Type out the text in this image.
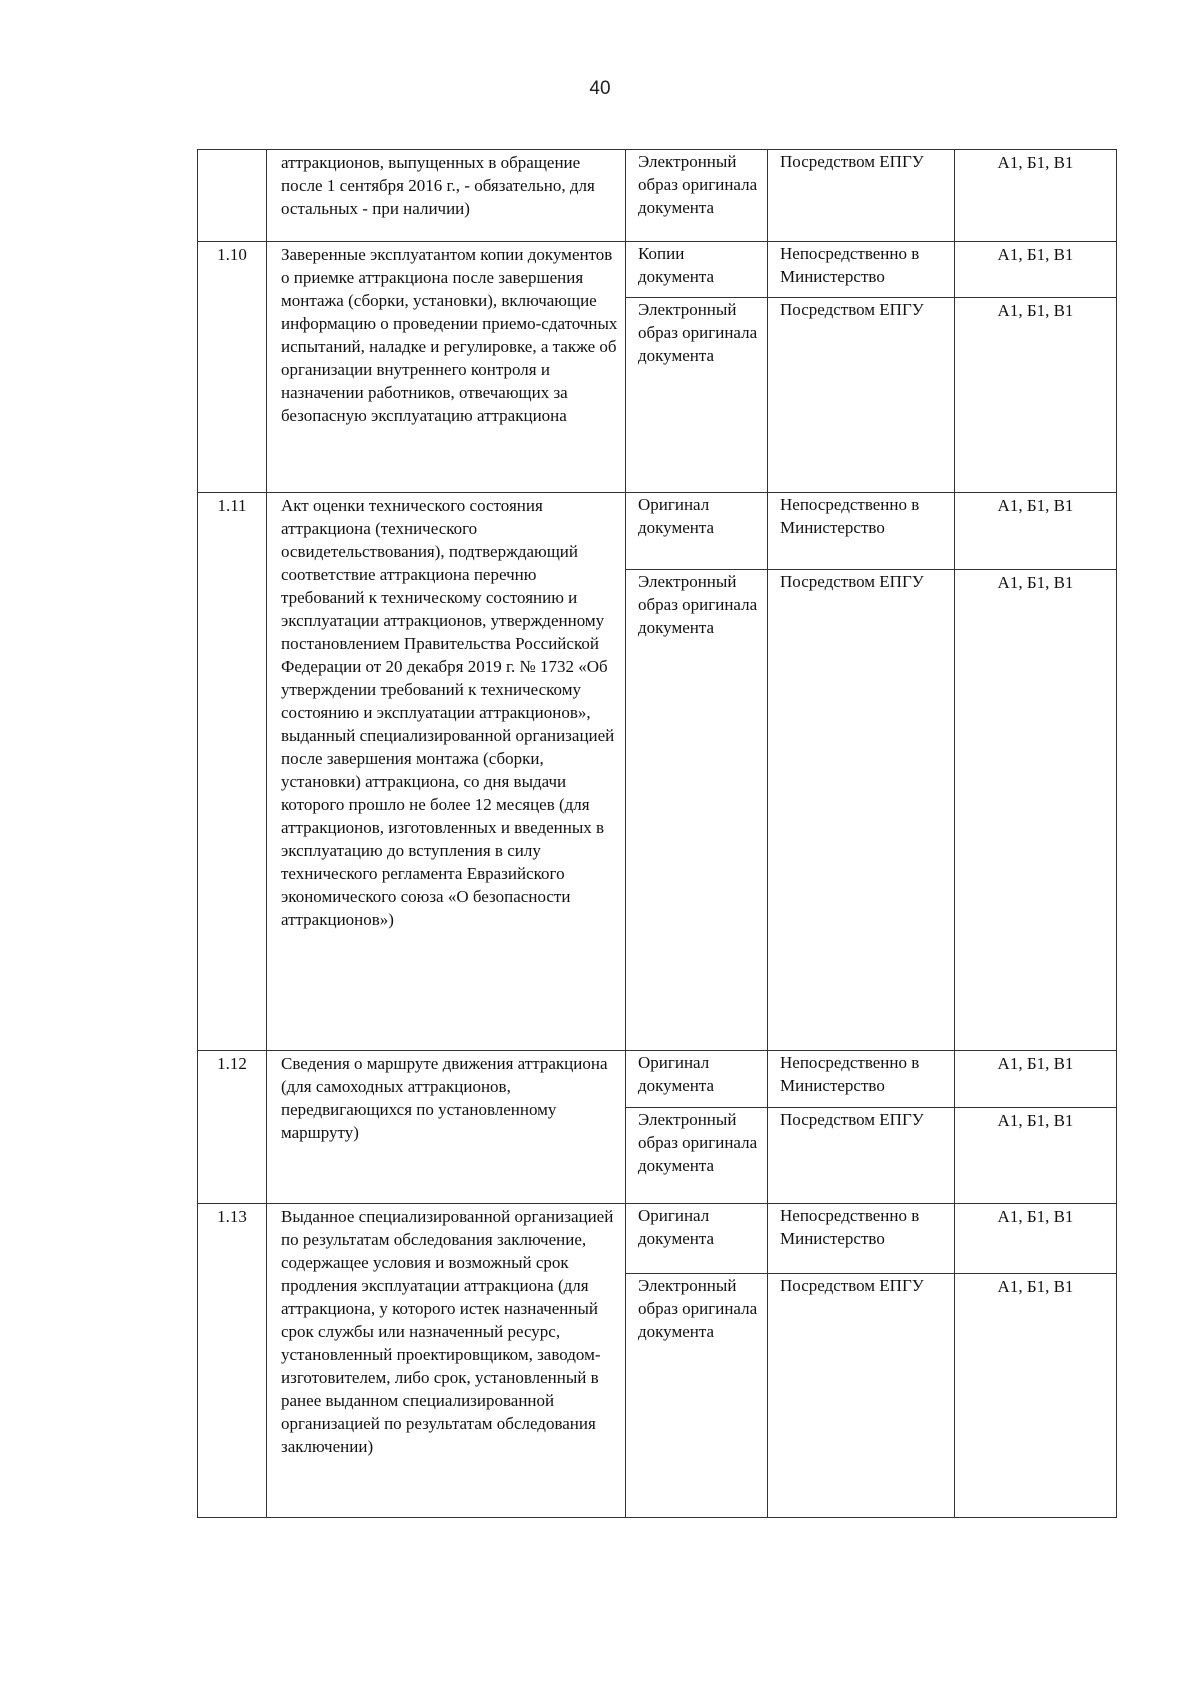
40
	аттракционов, выпущенных в обращение после 1 сентября 2016 г., - обязательно, для остальных - при наличии)	Электронный образ оригинала документа	Посредством ЕПГУ	А1, Б1, В1
1.10	Заверенные эксплуатантом копии документов о приемке аттракциона после завершения монтажа (сборки, установки), включающие информацию о проведении приемо-сдаточных испытаний, наладке и регулировке, а также об организации внутреннего контроля и назначении работников, отвечающих за безопасную эксплуатацию аттракциона	Копии документа	Непосредственно в Министерство	А1, Б1, В1
		Электронный образ оригинала документа	Посредством ЕПГУ	А1, Б1, В1
1.11	Акт оценки технического состояния аттракциона (технического освидетельствования), подтверждающий соответствие аттракциона перечню требований к техническому состоянию и эксплуатации аттракционов, утвержденному постановлением Правительства Российской Федерации от 20 декабря 2019 г. № 1732 «Об утверждении требований к техническому состоянию и эксплуатации аттракционов», выданный специализированной организацией после завершения монтажа (сборки, установки) аттракциона, со дня выдачи которого прошло не более 12 месяцев (для аттракционов, изготовленных и введенных в эксплуатацию до вступления в силу технического регламента Евразийского экономического союза «О безопасности аттракционов»)	Оригинал документа	Непосредственно в Министерство	А1, Б1, В1
		Электронный образ оригинала документа	Посредством ЕПГУ	А1, Б1, В1
1.12	Сведения о маршруте движения аттракциона (для самоходных аттракционов, передвигающихся по установленному маршруту)	Оригинал документа	Непосредственно в Министерство	А1, Б1, В1
		Электронный образ оригинала документа	Посредством ЕПГУ	А1, Б1, В1
1.13	Выданное специализированной организацией по результатам обследования заключение, содержащее условия и возможный срок продления эксплуатации аттракциона (для аттракциона, у которого истек назначенный срок службы или назначенный ресурс, установленный проектировщиком, заводом-изготовителем, либо срок, установленный в ранее выданном специализированной организацией по результатам обследования заключении)	Оригинал документа	Непосредственно в Министерство	А1, Б1, В1
		Электронный образ оригинала документа	Посредством ЕПГУ	А1, Б1, В1
